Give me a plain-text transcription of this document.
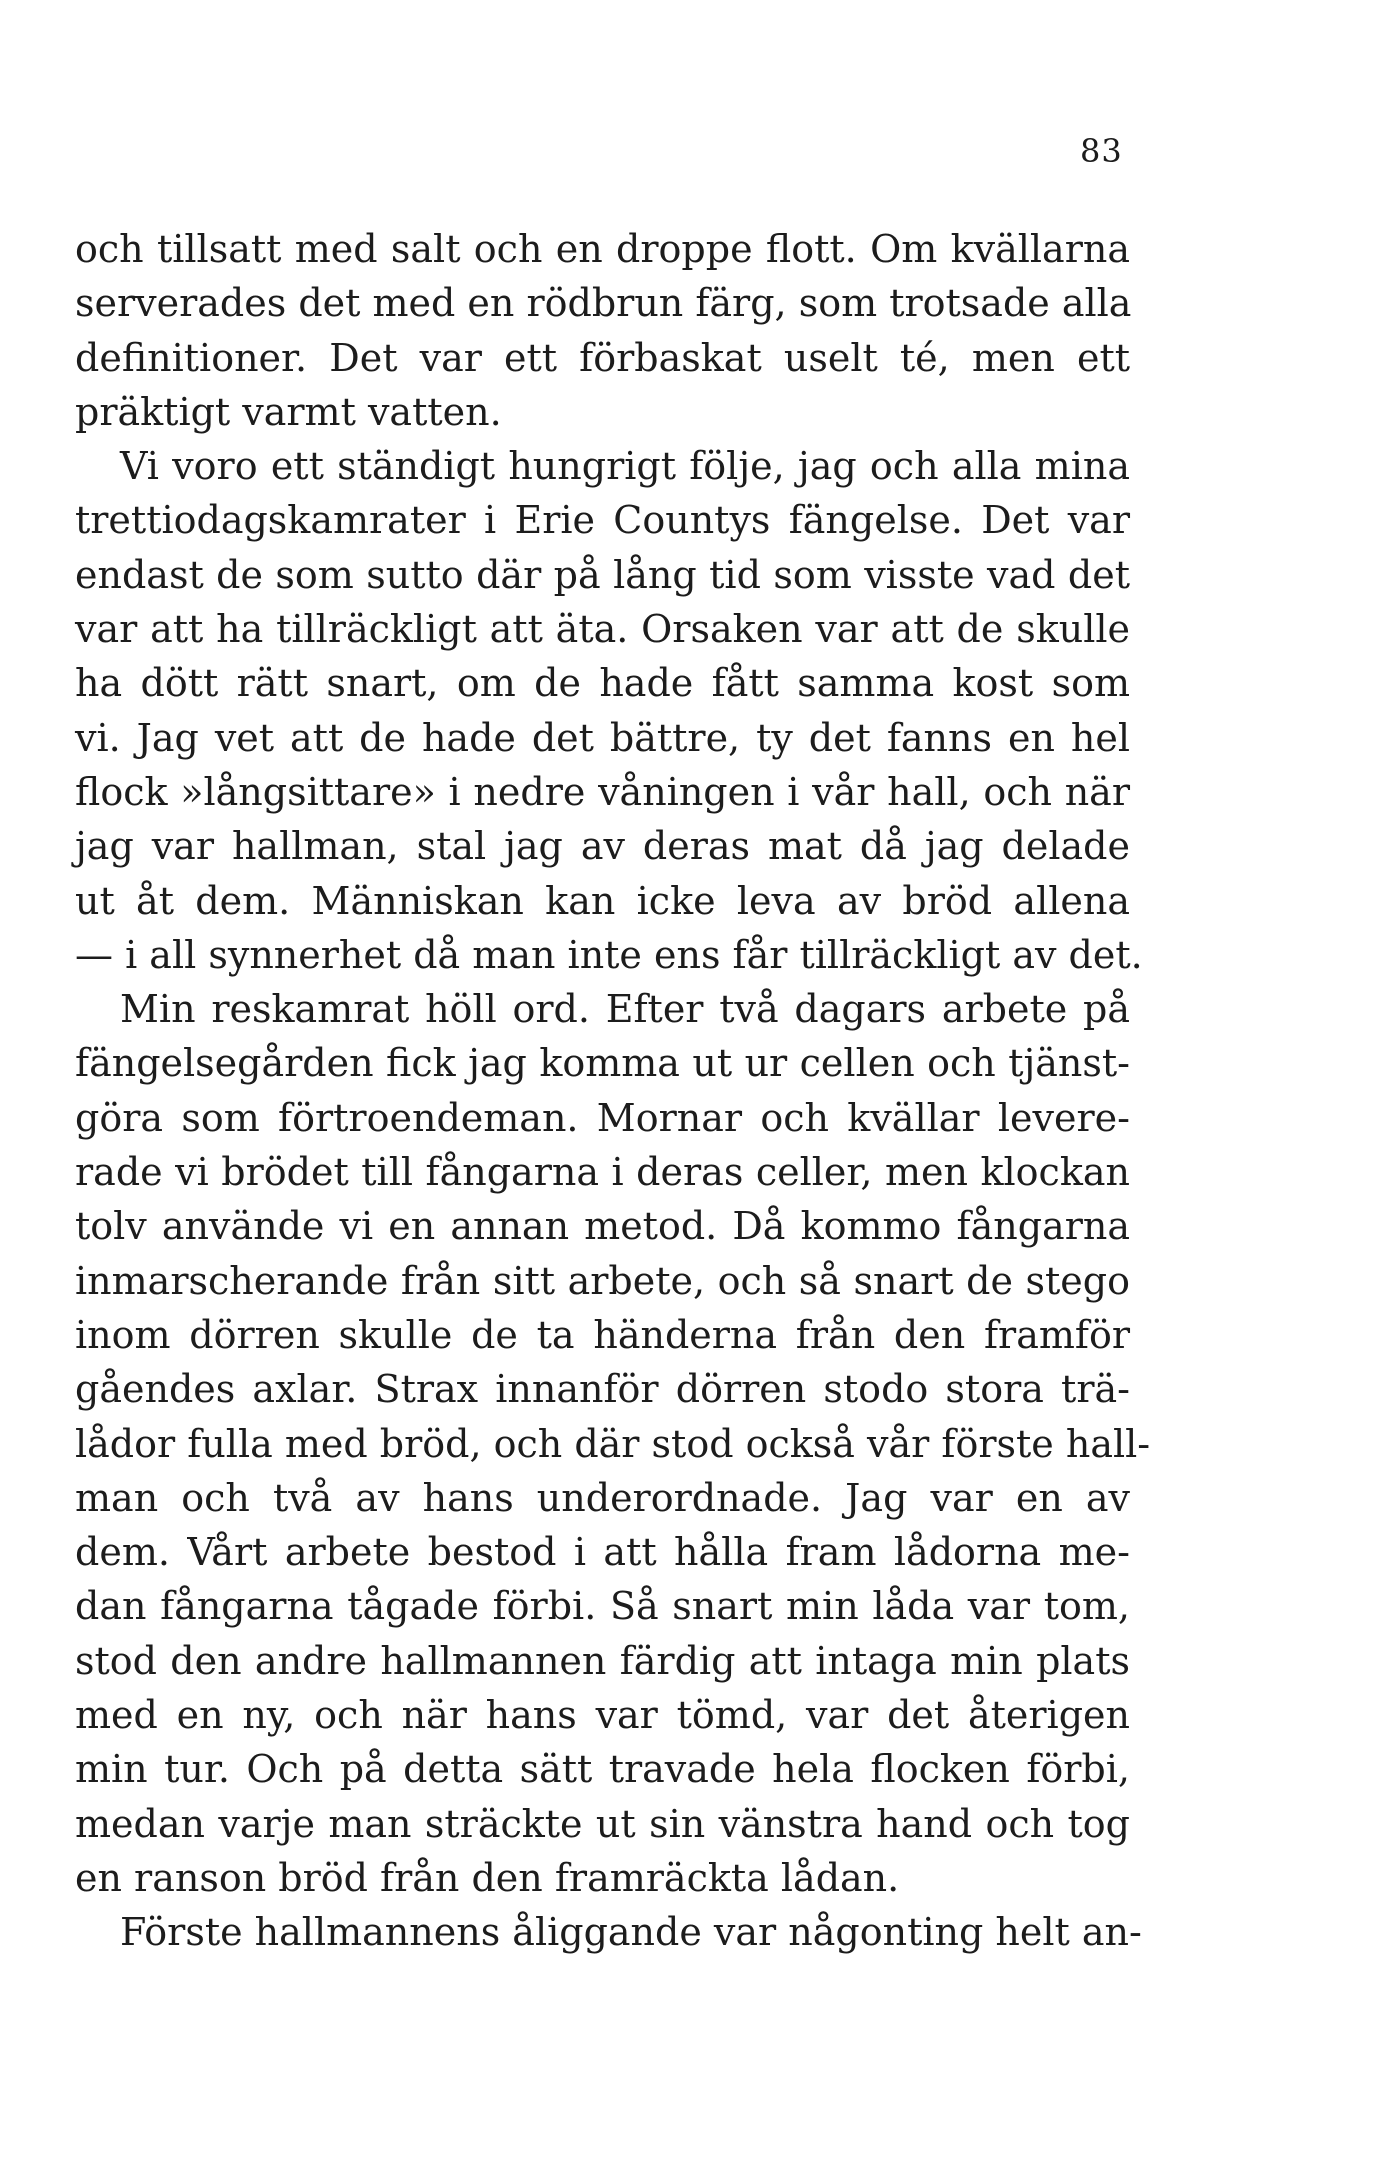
83
och tillsatt med salt och en droppe flott. Om kvällarna
serverades det med en rödbrun färg, som trotsade alla
definitioner. Det var ett förbaskat uselt té, men ett
präktigt varmt vatten.
Vi voro ett ständigt hungrigt följe, jag och alla mina
trettiodagskamrater i Erie Countys fängelse. Det var
endast de som sutto där på lång tid som visste vad det
var att ha tillräckligt att äta. Orsaken var att de skulle
ha dött rätt snart, om de hade fått samma kost som
vi. Jag vet att de hade det bättre, ty det fanns en hel
flock »långsittare» i nedre våningen i vår hall, och när
jag var hallman, stal jag av deras mat då jag delade
ut åt dem. Människan kan icke leva av bröd allena
— i all synnerhet då man inte ens får tillräckligt av det.
Min reskamrat höll ord. Efter två dagars arbete på
fängelsegården fick jag komma ut ur cellen och tjänst-
göra som förtroendeman. Mornar och kvällar levere-
rade vi brödet till fångarna i deras celler, men klockan
tolv använde vi en annan metod. Då kommo fångarna
inmarscherande från sitt arbete, och så snart de stego
inom dörren skulle de ta händerna från den framför
gåendes axlar. Strax innanför dörren stodo stora trä-
lådor fulla med bröd, och där stod också vår förste hall-
man och två av hans underordnade. Jag var en av
dem. Vårt arbete bestod i att hålla fram lådorna me-
dan fångarna tågade förbi. Så snart min låda var tom,
stod den andre hallmannen färdig att intaga min plats
med en ny, och när hans var tömd, var det återigen
min tur. Och på detta sätt travade hela flocken förbi,
medan varje man sträckte ut sin vänstra hand och tog
en ranson bröd från den framräckta lådan.
Förste hallmannens åliggande var någonting helt an-
